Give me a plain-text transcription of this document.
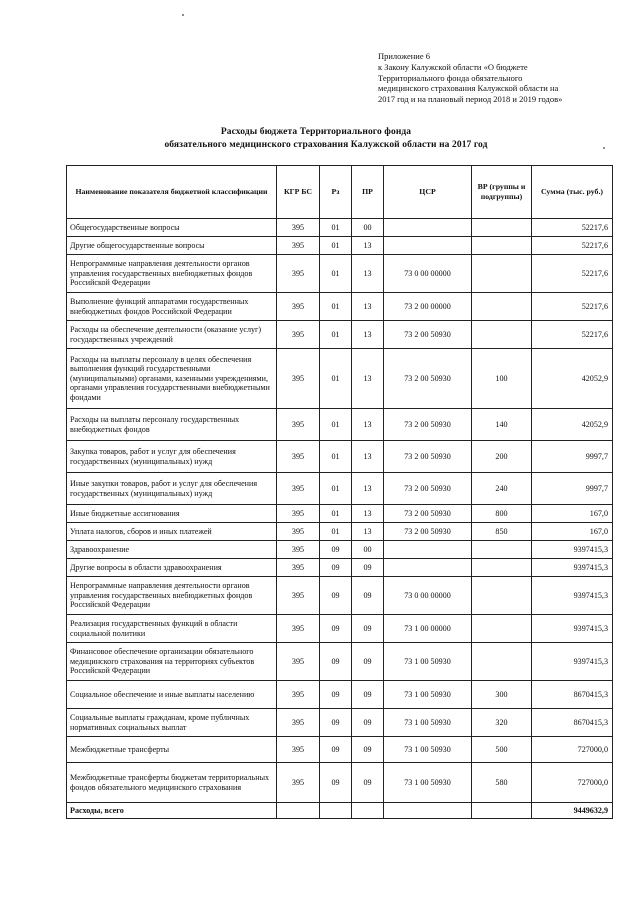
Приложение 6
к Закону Калужской области «О бюджете
Территориального фонда обязательного
медицинского страхования Калужской области на
2017 год и на плановый период 2018 и 2019 годов»
Расходы бюджета Территориального фонда
обязательного медицинского страхования Калужской области на 2017 год
Наименование показателя бюджетной классификации	КГР БС	Рз	ПР	ЦСР	ВР (группы и подгруппы)	Сумма (тыс. руб.)
Общегосударственные вопросы	395	01	00			52217,6
Другие общегосударственные вопросы	395	01	13			52217,6
Непрограммные направления деятельности органов управления государственных внебюджетных фондов Российской Федерации	395	01	13	73 0 00 00000		52217,6
Выполнение функций аппаратами государственных внебюджетных фондов Российской Федерации	395	01	13	73 2 00 00000		52217,6
Расходы на обеспечение деятельности (оказание услуг) государственных учреждений	395	01	13	73 2 00 50930		52217,6
Расходы на выплаты персоналу в целях обеспечения выполнения функций государственными (муниципальными) органами, казенными учреждениями, органами управления государственными внебюджетными фондами	395	01	13	73 2 00 50930	100	42052,9
Расходы на выплаты персоналу государственных внебюджетных фондов	395	01	13	73 2 00 50930	140	42052,9
Закупка товаров, работ и услуг для обеспечения государственных (муниципальных) нужд	395	01	13	73 2 00 50930	200	9997,7
Иные закупки товаров, работ и услуг для обеспечения государственных (муниципальных) нужд	395	01	13	73 2 00 50930	240	9997,7
Иные бюджетные ассигнования	395	01	13	73 2 00 50930	800	167,0
Уплата налогов, сборов и иных платежей	395	01	13	73 2 00 50930	850	167,0
Здравоохранение	395	09	00			9397415,3
Другие вопросы в области здравоохранения	395	09	09			9397415,3
Непрограммные направления деятельности органов управления государственных внебюджетных фондов Российской Федерации	395	09	09	73 0 00 00000		9397415,3
Реализация государственных функций в области социальной политики	395	09	09	73 1 00 00000		9397415,3
Финансовое обеспечение организации обязательного медицинского страхования на территориях субъектов Российской Федерации	395	09	09	73 1 00 50930		9397415,3
Социальное обеспечение и иные выплаты населению	395	09	09	73 1 00 50930	300	8670415,3
Социальные выплаты гражданам, кроме публичных нормативных социальных выплат	395	09	09	73 1 00 50930	320	8670415,3
Межбюджетные трансферты	395	09	09	73 1 00 50930	500	727000,0
Межбюджетные трансферты бюджетам территориальных фондов обязательного медицинского страхования	395	09	09	73 1 00 50930	580	727000,0
Расходы, всего						9449632,9
